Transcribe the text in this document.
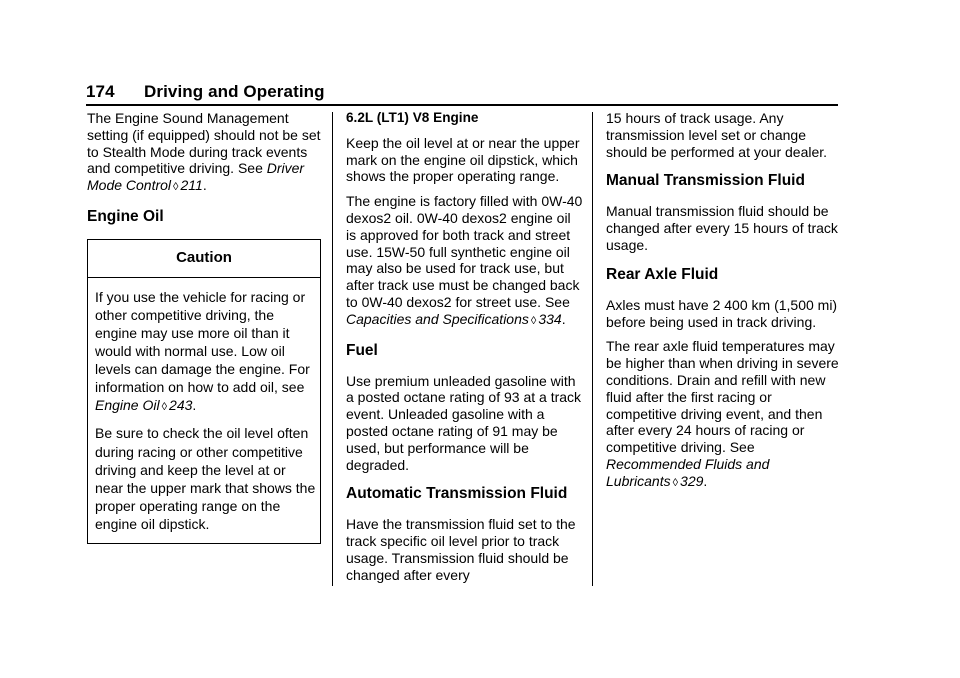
174 Driving and Operating

The Engine Sound Management setting (if equipped) should not be set to Stealth Mode during track events and competitive driving. See Driver Mode Control ◊ 211.

Engine Oil
Caution

If you use the vehicle for racing or other competitive driving, the engine may use more oil than it would with normal use. Low oil levels can damage the engine. For information on how to add oil, see Engine Oil ◊ 243.

Be sure to check the oil level often during racing or other competitive driving and keep the level at or near the upper mark that shows the proper operating range on the engine oil dipstick.

6.2L (LT1) V8 Engine

Keep the oil level at or near the upper mark on the engine oil dipstick, which shows the proper operating range.

The engine is factory filled with 0W-40 dexos2 oil. 0W-40 dexos2 engine oil is approved for both track and street use. 15W-50 full synthetic engine oil may also be used for track use, but after track use must be changed back to 0W-40 dexos2 for street use. See Capacities and Specifications ◊ 334.

Fuel

Use premium unleaded gasoline with a posted octane rating of 93 at a track event. Unleaded gasoline with a posted octane rating of 91 may be used, but performance will be degraded.

Automatic Transmission Fluid

Have the transmission fluid set to the track specific oil level prior to track usage. Transmission fluid should be changed after every

15 hours of track usage. Any transmission level set or change should be performed at your dealer.

Manual Transmission Fluid

Manual transmission fluid should be changed after every 15 hours of track usage.

Rear Axle Fluid

Axles must have 2 400 km (1,500 mi) before being used in track driving.

The rear axle fluid temperatures may be higher than when driving in severe conditions. Drain and refill with new fluid after the first racing or competitive driving event, and then after every 24 hours of racing or competitive driving. See Recommended Fluids and Lubricants ◊ 329.
